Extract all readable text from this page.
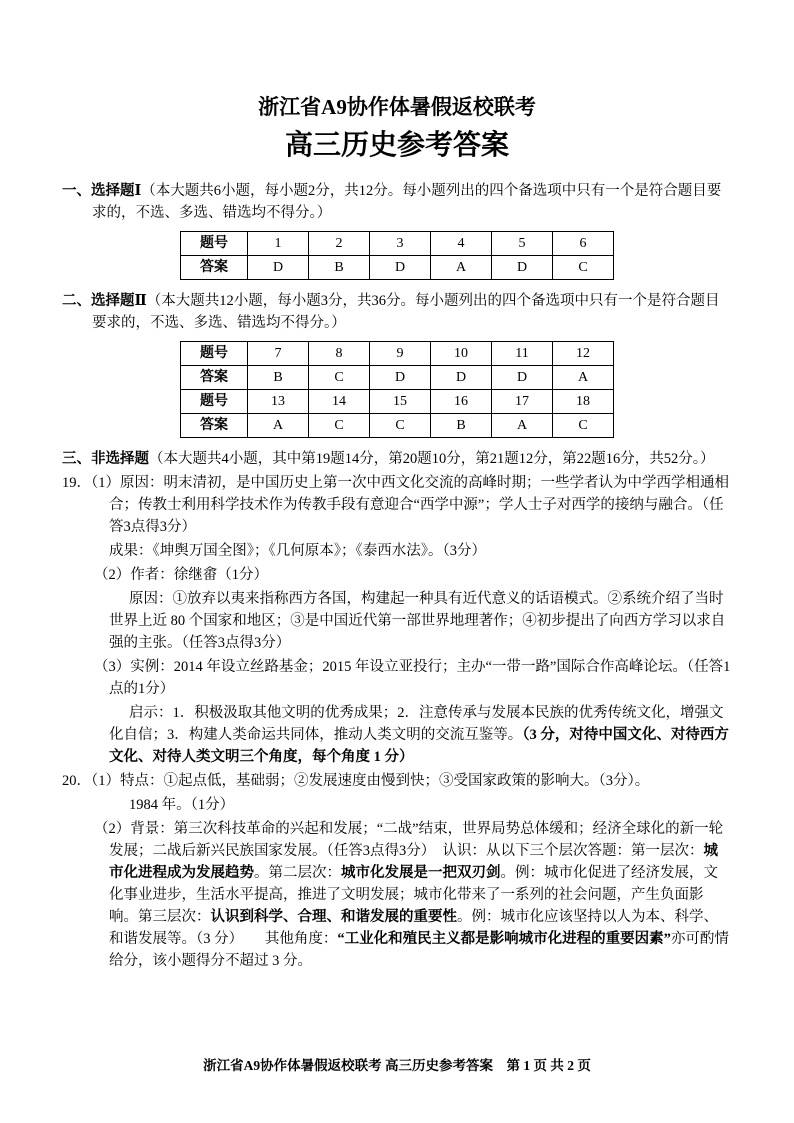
浙江省A9协作体暑假返校联考
高三历史参考答案

一、选择题Ⅰ（本大题共6小题，每小题2分，共12分。每小题列出的四个备选项中只有一个是符合题目要求的，不选、多选、错选均不得分。）

题号	1	2	3	4	5	6
答案	D	B	D	A	D	C

二、选择题Ⅱ（本大题共12小题，每小题3分，共36分。每小题列出的四个备选项中只有一个是符合题目要求的，不选、多选、错选均不得分。）

题号	7	8	9	10	11	12
答案	B	C	D	D	D	A
题号	13	14	15	16	17	18
答案	A	C	C	B	A	C

三、非选择题（本大题共4小题，其中第19题14分，第20题10分，第21题12分，第22题16分，共52分。）

19．（1）原因：明末清初，是中国历史上第一次中西文化交流的高峰时期；一些学者认为中学西学相通相合；传教士利用科学技术作为传教手段有意迎合“西学中源”；学人士子对西学的接纳与融合。（任答3点得3分）
成果：《坤舆万国全图》；《几何原本》；《泰西水法》。（3分）
（2）作者：徐继畬（1分）
原因：①放弃以夷来指称西方各国，构建起一种具有近代意义的话语模式。②系统介绍了当时世界上近 80 个国家和地区；③是中国近代第一部世界地理著作；④初步提出了向西方学习以求自强的主张。（任答3点得3分）
（3）实例：2014 年设立丝路基金；2015 年设立亚投行；主办“一带一路”国际合作高峰论坛。（任答1点的1分）
启示：1．积极汲取其他文明的优秀成果；2．注意传承与发展本民族的优秀传统文化，增强文化自信；3．构建人类命运共同体，推动人类文明的交流互鉴等。（3 分，对待中国文化、对待西方文化、对待人类文明三个角度，每个角度 1 分）
20．（1）特点：①起点低，基础弱；②发展速度由慢到快；③受国家政策的影响大。（3分）。
1984 年。（1分）
（2）背景：第三次科技革命的兴起和发展；“二战”结束，世界局势总体缓和；经济全球化的新一轮发展；二战后新兴民族国家发展。（任答3点得3分）　认识：从以下三个层次答题：第一层次：城市化进程成为发展趋势。第二层次：城市化发展是一把双刃剑。例：城市化促进了经济发展，文化事业进步，生活水平提高，推进了文明发展；城市化带来了一系列的社会问题，产生负面影响。第三层次：认识到科学、合理、和谐发展的重要性。例：城市化应该坚持以人为本、科学、和谐发展等。（3 分）　　其他角度：“工业化和殖民主义都是影响城市化进程的重要因素”亦可酌情给分，该小题得分不超过 3 分。
浙江省A9协作体暑假返校联考 高三历史参考答案　第 1 页 共 2 页
